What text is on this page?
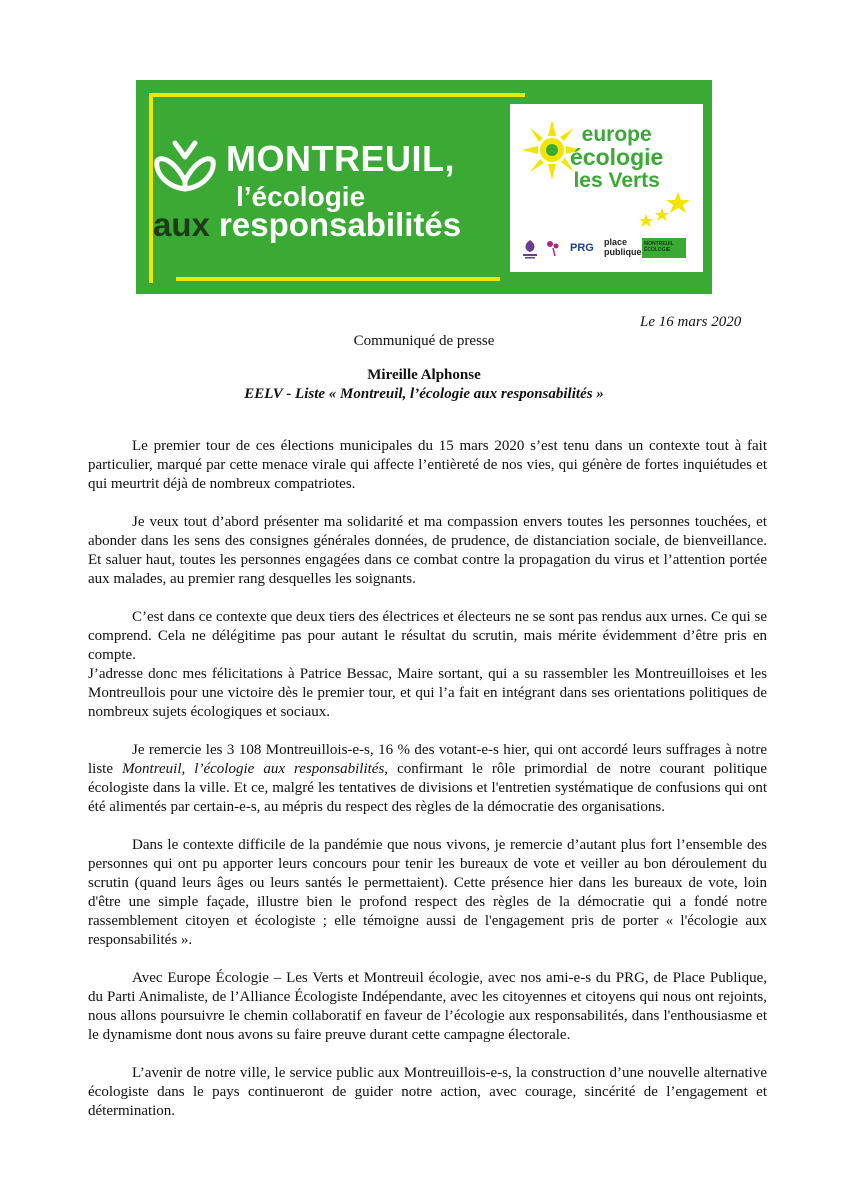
MONTREUIL,
l’écologie
aux responsabilités
europe
écologie
les Verts
PRG place
publique
MONTREUIL ÉCOLOGIE
Le 16 mars 2020
Communiqué de presse
Mireille Alphonse
EELV - Liste « Montreuil, l’écologie aux responsabilités »

Le premier tour de ces élections municipales du 15 mars 2020 s’est tenu dans un contexte tout à fait particulier, marqué par cette menace virale qui affecte l’entièreté de nos vies, qui génère de fortes inquiétudes et qui meurtrit déjà de nombreux compatriotes.

Je veux tout d’abord présenter ma solidarité et ma compassion envers toutes les personnes touchées, et abonder dans les sens des consignes générales données, de prudence, de distanciation sociale, de bienveillance. Et saluer haut, toutes les personnes engagées dans ce combat contre la propagation du virus et l’attention portée aux malades, au premier rang desquelles les soignants.

C’est dans ce contexte que deux tiers des électrices et électeurs ne se sont pas rendus aux urnes. Ce qui se comprend. Cela ne délégitime pas pour autant le résultat du scrutin, mais mérite évidemment d’être pris en compte.

J’adresse donc mes félicitations à Patrice Bessac, Maire sortant, qui a su rassembler les Montreuilloises et les Montreullois pour une victoire dès le premier tour, et qui l’a fait en intégrant dans ses orientations politiques de nombreux sujets écologiques et sociaux.

Je remercie les 3 108 Montreuillois-e-s, 16 % des votant-e-s hier, qui ont accordé leurs suffrages à notre liste Montreuil, l’écologie aux responsabilités, confirmant le rôle primordial de notre courant politique écologiste dans la ville. Et ce, malgré les tentatives de divisions et l'entretien systématique de confusions qui ont été alimentés par certain-e-s, au mépris du respect des règles de la démocratie des organisations.

Dans le contexte difficile de la pandémie que nous vivons, je remercie d’autant plus fort l’ensemble des personnes qui ont pu apporter leurs concours pour tenir les bureaux de vote et veiller au bon déroulement du scrutin (quand leurs âges ou leurs santés le permettaient). Cette présence hier dans les bureaux de vote, loin d'être une simple façade, illustre bien le profond respect des règles de la démocratie qui a fondé notre rassemblement citoyen et écologiste ; elle témoigne aussi de l'engagement pris de porter « l'écologie aux responsabilités ».

Avec Europe Écologie – Les Verts et Montreuil écologie, avec nos ami-e-s du PRG, de Place Publique, du Parti Animaliste, de l’Alliance Écologiste Indépendante, avec les citoyennes et citoyens qui nous ont rejoints, nous allons poursuivre le chemin collaboratif en faveur de l’écologie aux responsabilités, dans l'enthousiasme et le dynamisme dont nous avons su faire preuve durant cette campagne électorale.

L’avenir de notre ville, le service public aux Montreuillois-e-s, la construction d’une nouvelle alternative écologiste dans le pays continueront de guider notre action, avec courage, sincérité de l’engagement et détermination.
